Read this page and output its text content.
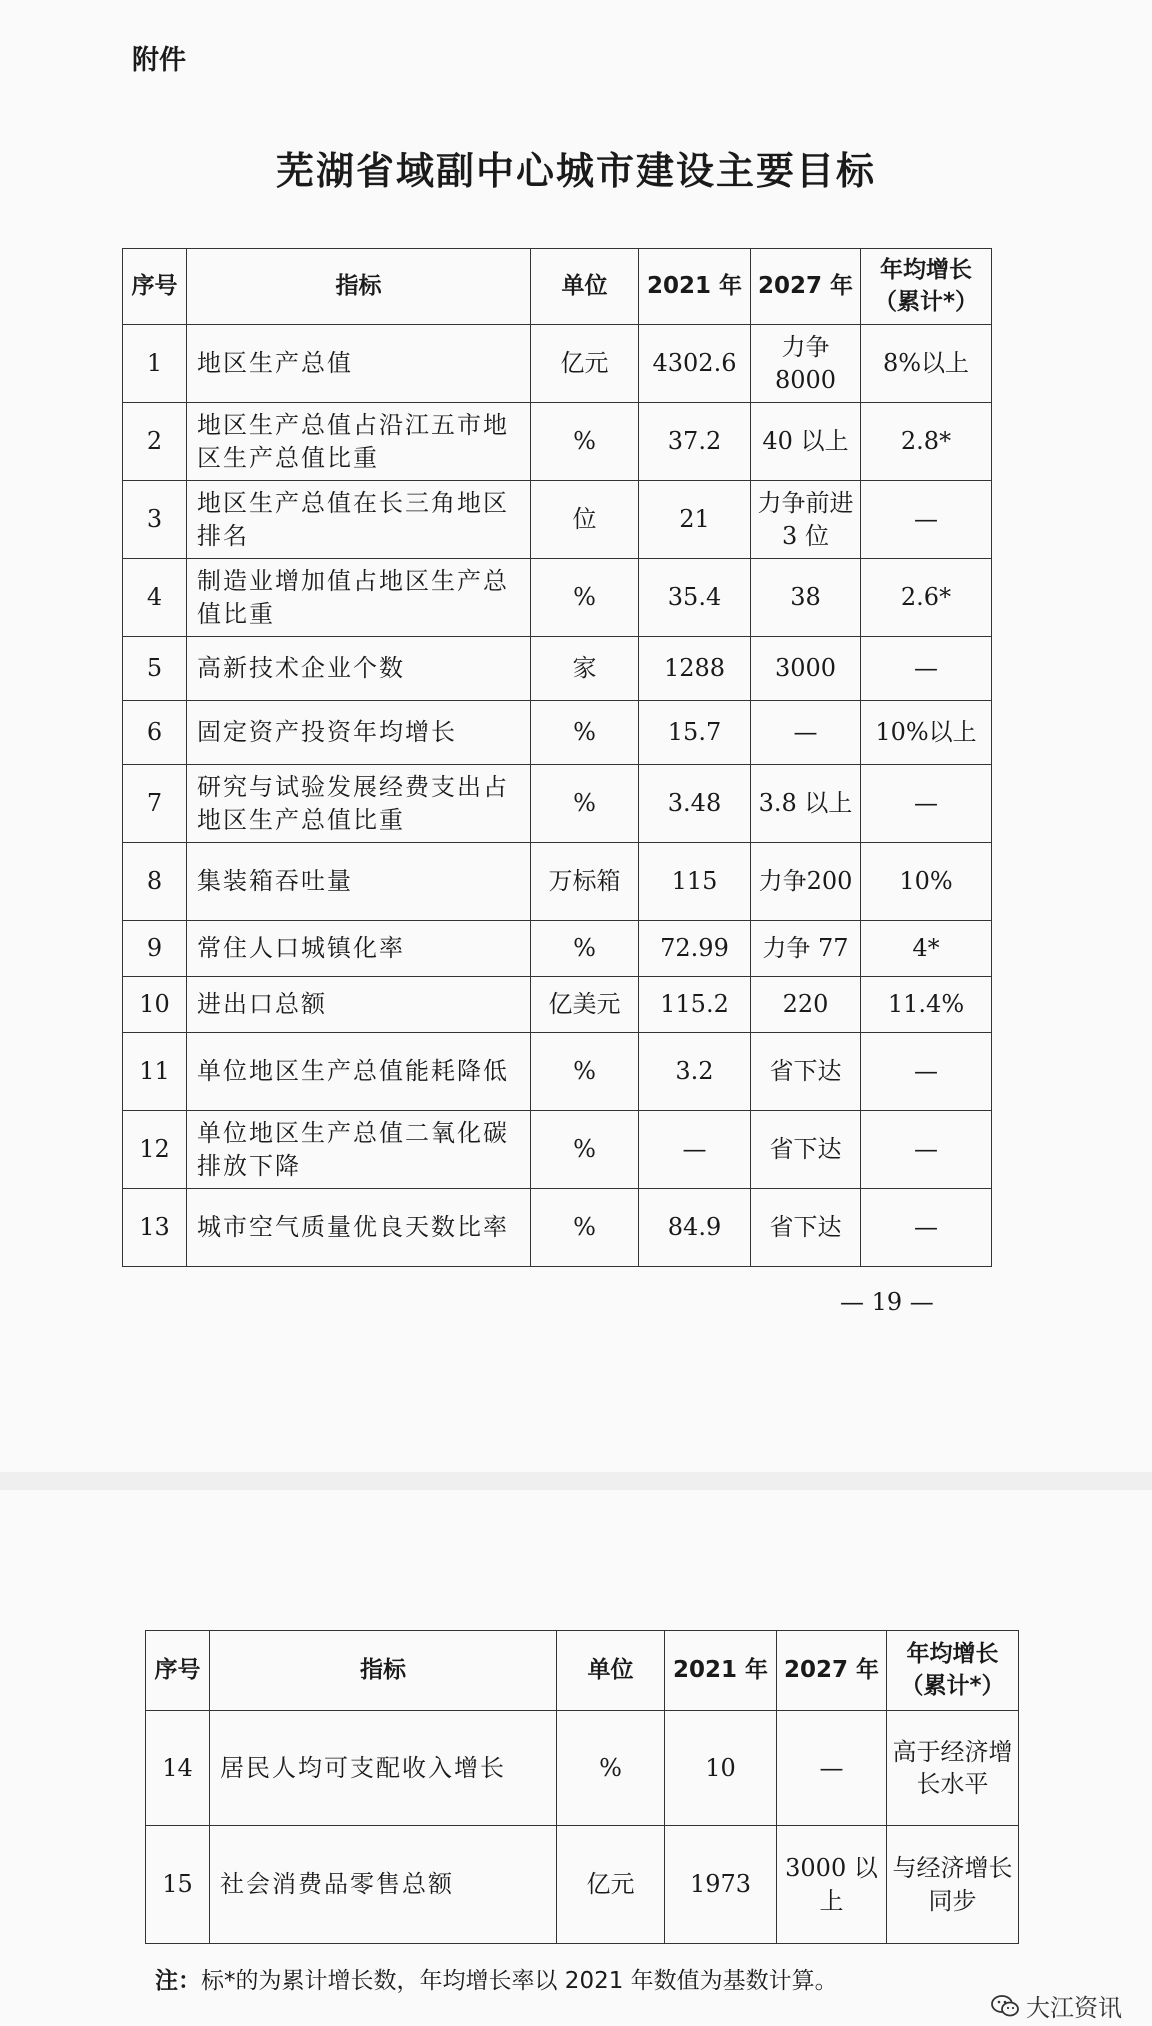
附件
芜湖省域副中心城市建设主要目标
序号	指标	单位	2021 年	2027 年	年均增长（累计*）
1	地区生产总值	亿元	4302.6	力争8000	8%以上
2	地区生产总值占沿江五市地区生产总值比重	%	37.2	40 以上	2.8*
3	地区生产总值在长三角地区排名	位	21	力争前进 3 位	—
4	制造业增加值占地区生产总值比重	%	35.4	38	2.6*
5	高新技术企业个数	家	1288	3000	—
6	固定资产投资年均增长	%	15.7	—	10%以上
7	研究与试验发展经费支出占地区生产总值比重	%	3.48	3.8 以上	—
8	集装箱吞吐量	万标箱	115	力争200	10%
9	常住人口城镇化率	%	72.99	力争 77	4*
10	进出口总额	亿美元	115.2	220	11.4%
11	单位地区生产总值能耗降低	%	3.2	省下达	—
12	单位地区生产总值二氧化碳排放下降	%	—	省下达	—
13	城市空气质量优良天数比率	%	84.9	省下达	—
— 19 —
序号	指标	单位	2021 年	2027 年	年均增长（累计*）
14	居民人均可支配收入增长	%	10	—	高于经济增长水平
15	社会消费品零售总额	亿元	1973	3000 以上	与经济增长同步
注：标*的为累计增长数，年均增长率以 2021 年数值为基数计算。
大江资讯
